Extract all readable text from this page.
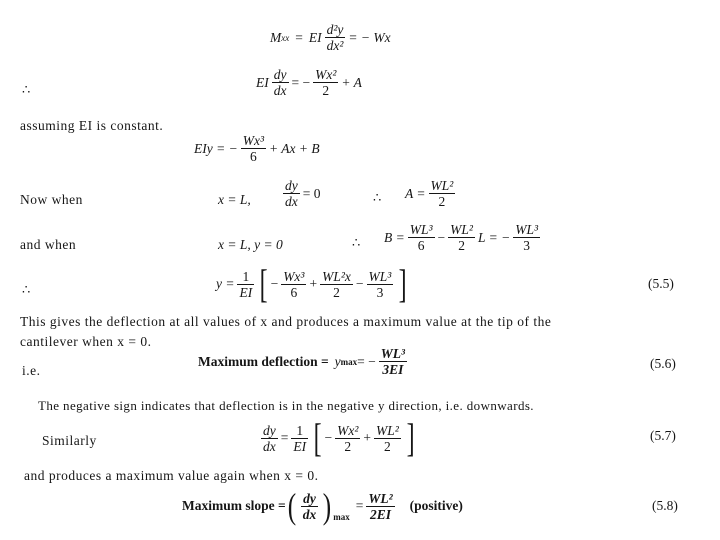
M xx = EI $\frac{\text{d²y}}{\text{dx²}}$ = − Wx
∴	EI $\frac{dy}{dx}$ = − $\frac{\text{Wx²}}{2} + A$
assuming EI is constant.
EIy = − $\frac{\text{Wx³}}{6} + Ax + B$
Now when	x = L, $\frac{dy}{dx} = 0$	∴ $A = \frac{\text{WL²}}{2}$
and when	x = L, y = 0	∴ $B = \frac{\text{WL³}}{6} - \frac{\text{WL²}}{2}$ L = − $\frac{\text{WL³}}{3}$
∴	$y = \frac{1}{EI}$ [ − $\frac{\text{Wx³}}{6} + \frac{\text{WL²x}}{2} - \frac{\text{WL³}}{3}$ ]	(5.5)
This gives the deflection at all values of x and produces a maximum value at the tip of the
cantilever when x = 0.
i.e.
Maximum deflection = y max = − $\frac{\text{WL³}}{3EI}$	(5.6)
The negative sign indicates that deflection is in the negative y direction, i.e. downwards.
Similarly	$\frac{dy}{dx} = \frac{1}{EI}$ [ − $\frac{\text{Wx²}}{2} + \frac{\text{WL²}}{2}$ ]	(5.7)
and produces a maximum value again when x = 0.
Maximum slope = ( $\frac{dy}{dx} )_{max}$
= $\frac{\text{WL²}}{2EI}$ (positive)	(5.8)
